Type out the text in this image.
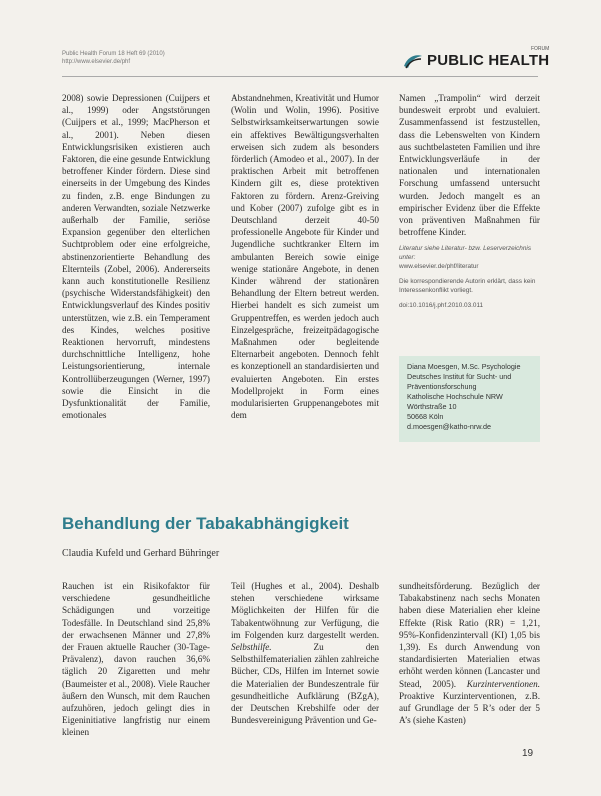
Public Health Forum 18 Heft 69 (2010)
http://www.elsevier.de/phf
FORUM
PUBLIC HEALTH

2008) sowie Depressionen (Cuijpers et al., 1999) oder Angststörungen (Cuijpers et al., 1999; MacPherson et al., 2001). Neben diesen Entwicklungsrisiken existieren auch Faktoren, die eine gesunde Entwicklung betroffener Kinder fördern. Diese sind einerseits in der Umgebung des Kindes zu finden, z.B. enge Bindungen zu anderen Verwandten, soziale Netzwerke außerhalb der Familie, seriöse Expansion gegenüber den elterlichen Suchtproblem oder eine erfolgreiche, abstinenzorientierte Behandlung des Elternteils (Zobel, 2006). Andererseits kann auch konstitutionelle Resilienz (psychische Widerstandsfähigkeit) den Entwicklungsverlauf des Kindes positiv unterstützen, wie z.B. ein Temperament des Kindes, welches positive Reaktionen hervorruft, mindestens durchschnittliche Intelligenz, hohe Leistungsorientierung, internale Kontrollüberzeugungen (Werner, 1997) sowie die Einsicht in die Dysfunktionalität der Familie, emotionales

Abstandnehmen, Kreativität und Humor (Wolin und Wolin, 1996). Positive Selbstwirksamkeitserwartungen sowie ein affektives Bewältigungsverhalten erweisen sich zudem als besonders förderlich (Amodeo et al., 2007). In der praktischen Arbeit mit betroffenen Kindern gilt es, diese protektiven Faktoren zu fördern. Arenz-Greiving und Kober (2007) zufolge gibt es in Deutschland derzeit 40-50 professionelle Angebote für Kinder und Jugendliche suchtkranker Eltern im ambulanten Bereich sowie einige wenige stationäre Angebote, in denen Kinder während der stationären Behandlung der Eltern betreut werden. Hierbei handelt es sich zumeist um Gruppentreffen, es werden jedoch auch Einzelgespräche, freizeitpädagogische Maßnahmen oder begleitende Elternarbeit angeboten. Dennoch fehlt es konzeptionell an standardisierten und evaluierten Angeboten. Ein erstes Modellprojekt in Form eines modularisierten Gruppenangebotes mit dem

Namen „Trampolin“ wird derzeit bundesweit erprobt und evaluiert. Zusammenfassend ist festzustellen, dass die Lebenswelten von Kindern aus suchtbelasteten Familien und ihre Entwicklungsverläufe in der nationalen und internationalen Forschung umfassend untersucht wurden. Jedoch mangelt es an empirischer Evidenz über die Effekte von präventiven Maßnahmen für betroffene Kinder.

Literatur siehe Literatur- bzw. Leserverzeichnis unter:

www.elsevier.de/phf/literatur

Die korrespondierende Autorin erklärt, dass kein Interessenkonflikt vorliegt.

doi:10.1016/j.phf.2010.03.011

Diana Moesgen, M.Sc. Psychologie
Deutsches Institut für Sucht- und
Präventionsforschung
Katholische Hochschule NRW
Wörthstraße 10
50668 Köln
d.moesgen@katho-nrw.de
Behandlung der Tabakabhängigkeit
Claudia Kufeld und Gerhard Bühringer

Rauchen ist ein Risikofaktor für verschiedene gesundheitliche Schädigungen und vorzeitige Todesfälle. In Deutschland sind 25,8% der erwachsenen Männer und 27,8% der Frauen aktuelle Raucher (30-Tage-Prävalenz), davon rauchen 36,6% täglich 20 Zigaretten und mehr (Baumeister et al., 2008). Viele Raucher äußern den Wunsch, mit dem Rauchen aufzuhören, jedoch gelingt dies in Eigeninitiative langfristig nur einem kleinen

Teil (Hughes et al., 2004). Deshalb stehen verschiedene wirksame Möglichkeiten der Hilfen für die Tabakentwöhnung zur Verfügung, die im Folgenden kurz dargestellt werden. Selbsthilfe.	Zu den Selbsthilfematerialien zählen zahlreiche Bücher, CDs, Hilfen im Internet sowie die Materialien der Bundeszentrale für gesundheitliche Aufklärung (BZgA), der Deutschen Krebshilfe oder der Bundesvereinigung Prävention und Ge-

sundheitsförderung. Bezüglich der Tabakabstinenz nach sechs Monaten haben diese Materialien eher kleine Effekte (Risk Ratio (RR) = 1,21, 95%-Konfidenzintervall (KI) 1,05 bis 1,39). Es durch Anwendung von standardisierten Materialien etwas erhöht werden können (Lancaster und Stead, 2005). Kurzinterventionen. Proaktive Kurzinterventionen, z.B. auf Grundlage der 5 R’s oder der 5 A’s (siehe Kasten)

19
